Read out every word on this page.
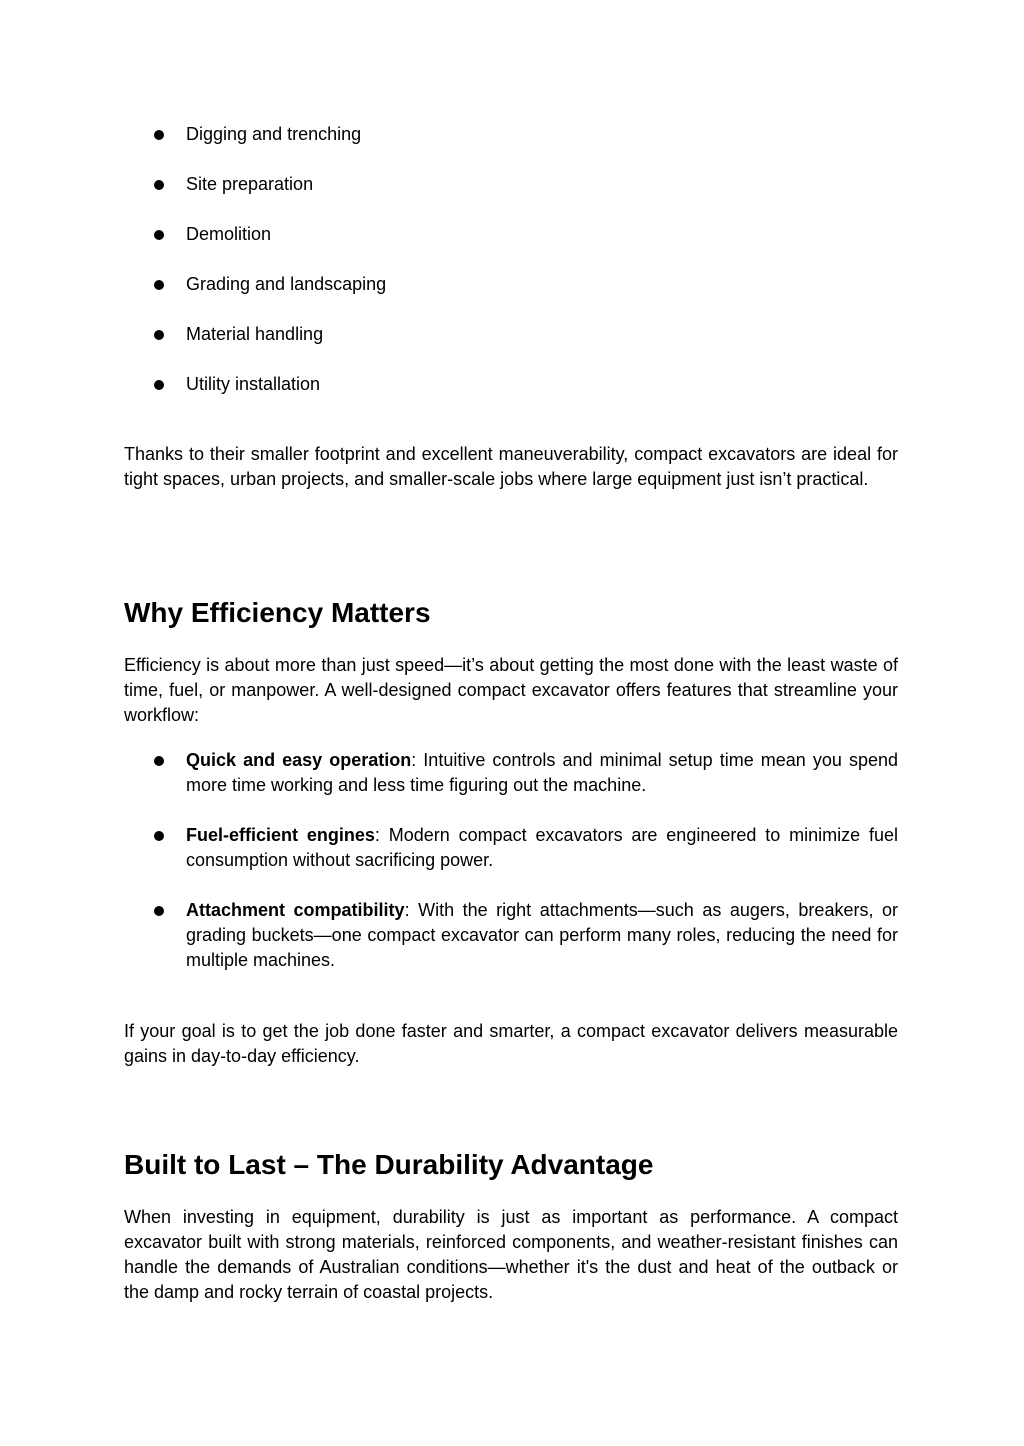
Digging and trenching
Site preparation
Demolition
Grading and landscaping
Material handling
Utility installation

Thanks to their smaller footprint and excellent maneuverability, compact excavators are ideal for tight spaces, urban projects, and smaller-scale jobs where large equipment just isn’t practical.

Why Efficiency Matters

Efficiency is about more than just speed—it’s about getting the most done with the least waste of time, fuel, or manpower. A well-designed compact excavator offers features that streamline your workflow:

Quick and easy operation: Intuitive controls and minimal setup time mean you spend more time working and less time figuring out the machine.
Fuel-efficient engines: Modern compact excavators are engineered to minimize fuel consumption without sacrificing power.
Attachment compatibility: With the right attachments—such as augers, breakers, or grading buckets—one compact excavator can perform many roles, reducing the need for multiple machines.

If your goal is to get the job done faster and smarter, a compact excavator delivers measurable gains in day-to-day efficiency.

Built to Last – The Durability Advantage

When investing in equipment, durability is just as important as performance. A compact excavator built with strong materials, reinforced components, and weather-resistant finishes can handle the demands of Australian conditions—whether it's the dust and heat of the outback or the damp and rocky terrain of coastal projects.
